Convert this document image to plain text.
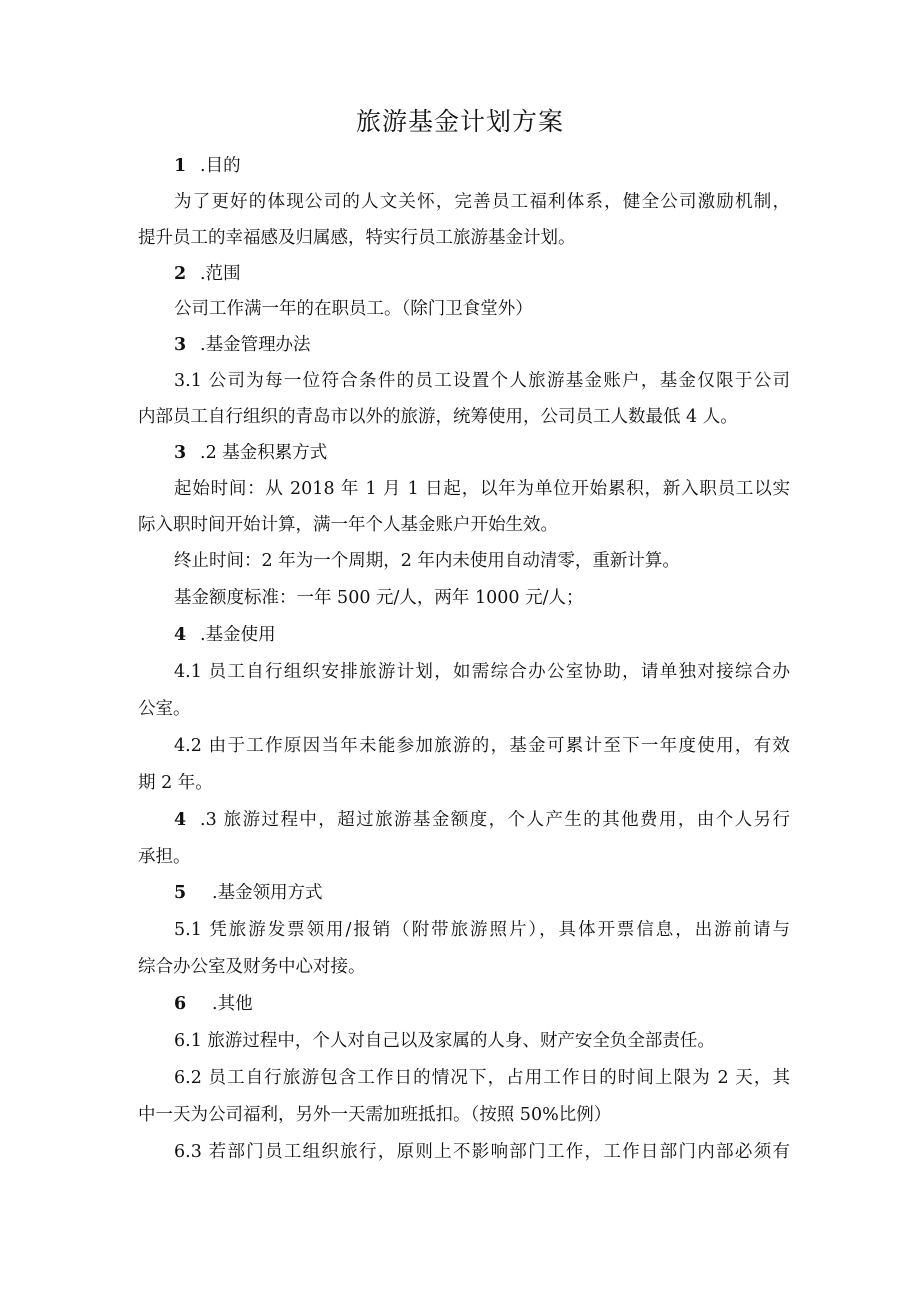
旅游基金计划方案

1 .目的

为了更好的体现公司的人文关怀，完善员工福利体系，健全公司激励机制，

提升员工的幸福感及归属感，特实行员工旅游基金计划。

2 .范围

公司工作满一年的在职员工。（除门卫食堂外）

3 .基金管理办法

3.1 公司为每一位符合条件的员工设置个人旅游基金账户，基金仅限于公司

内部员工自行组织的青岛市以外的旅游，统筹使用，公司员工人数最低 4 人。

3 .2 基金积累方式

起始时间：从 2018 年 1 月 1 日起，以年为单位开始累积，新入职员工以实

际入职时间开始计算，满一年个人基金账户开始生效。

终止时间：2 年为一个周期，2 年内未使用自动清零，重新计算。

基金额度标准：一年 500 元/人，两年 1000 元/人；

4 .基金使用

4.1 员工自行组织安排旅游计划，如需综合办公室协助，请单独对接综合办

公室。

4.2 由于工作原因当年未能参加旅游的，基金可累计至下一年度使用，有效

期 2 年。

4 .3 旅游过程中，超过旅游基金额度，个人产生的其他费用，由个人另行

承担。

5 .基金领用方式

5.1 凭旅游发票领用/报销（附带旅游照片），具体开票信息，出游前请与

综合办公室及财务中心对接。

6 .其他

6.1 旅游过程中，个人对自己以及家属的人身、财产安全负全部责任。

6.2 员工自行旅游包含工作日的情况下，占用工作日的时间上限为 2 天，其

中一天为公司福利，另外一天需加班抵扣。（按照 50%比例）

6.3 若部门员工组织旅行，原则上不影响部门工作，工作日部门内部必须有
